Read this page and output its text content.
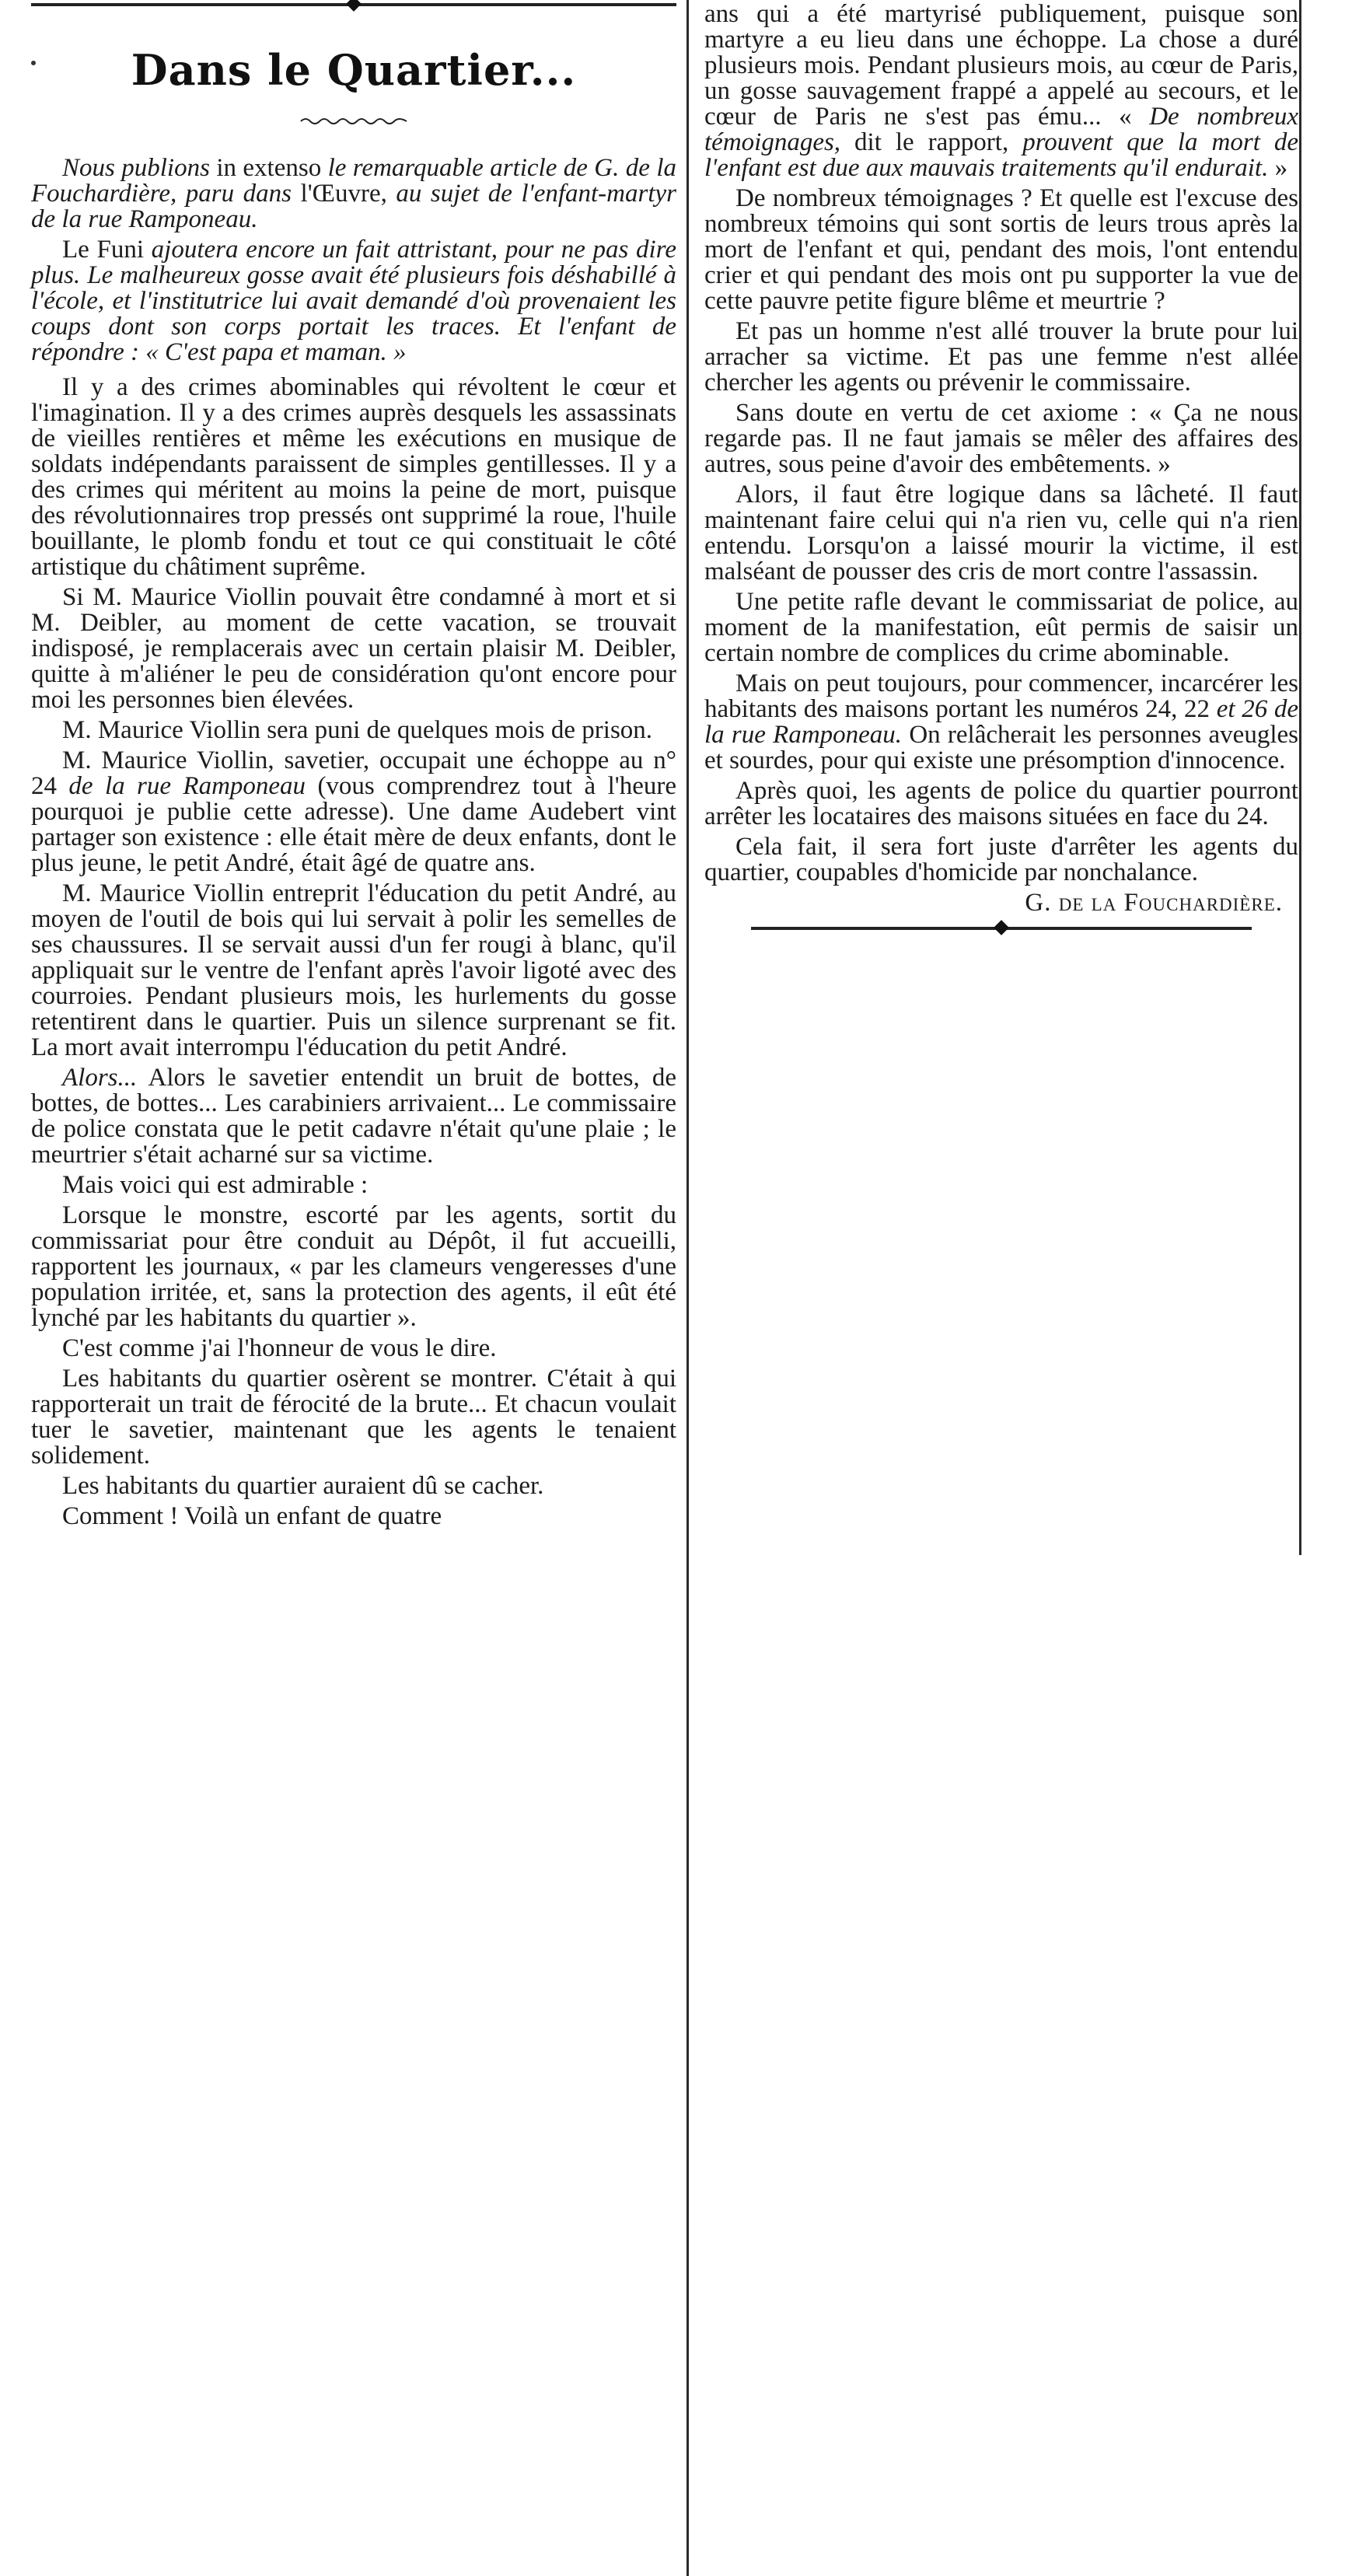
Dans le Quartier...

Nous publions in extenso le remarquable article de G. de la Fouchardière, paru dans l'Œuvre, au sujet de l'enfant-martyr de la rue Ramponeau.

Le Funi ajoutera encore un fait attristant, pour ne pas dire plus. Le malheureux gosse avait été plusieurs fois déshabillé à l'école, et l'institutrice lui avait demandé d'où provenaient les coups dont son corps portait les traces. Et l'enfant de répondre : « C'est papa et maman. »

Il y a des crimes abominables qui révoltent le cœur et l'imagination. Il y a des crimes auprès desquels les assassinats de vieilles rentières et même les exécutions en musique de soldats indépendants paraissent de simples gentillesses. Il y a des crimes qui méritent au moins la peine de mort, puisque des révolutionnaires trop pressés ont supprimé la roue, l'huile bouillante, le plomb fondu et tout ce qui constituait le côté artistique du châtiment suprême.

Si M. Maurice Viollin pouvait être condamné à mort et si M. Deibler, au moment de cette vacation, se trouvait indisposé, je remplacerais avec un certain plaisir M. Deibler, quitte à m'aliéner le peu de considération qu'ont encore pour moi les personnes bien élevées.

M. Maurice Viollin sera puni de quelques mois de prison.

M. Maurice Viollin, savetier, occupait une échoppe au n° 24 de la rue Ramponeau (vous comprendrez tout à l'heure pourquoi je publie cette adresse). Une dame Audebert vint partager son existence : elle était mère de deux enfants, dont le plus jeune, le petit André, était âgé de quatre ans.

M. Maurice Viollin entreprit l'éducation du petit André, au moyen de l'outil de bois qui lui servait à polir les semelles de ses chaussures. Il se servait aussi d'un fer rougi à blanc, qu'il appliquait sur le ventre de l'enfant après l'avoir ligoté avec des courroies. Pendant plusieurs mois, les hurlements du gosse retentirent dans le quartier. Puis un silence surprenant se fit. La mort avait interrompu l'éducation du petit André.

Alors... Alors le savetier entendit un bruit de bottes, de bottes, de bottes... Les carabiniers arrivaient... Le commissaire de police constata que le petit cadavre n'était qu'une plaie ; le meurtrier s'était acharné sur sa victime.

Mais voici qui est admirable :

Lorsque le monstre, escorté par les agents, sortit du commissariat pour être conduit au Dépôt, il fut accueilli, rapportent les journaux, « par les clameurs vengeresses d'une population irritée, et, sans la protection des agents, il eût été lynché par les habitants du quartier ».

C'est comme j'ai l'honneur de vous le dire.

Les habitants du quartier osèrent se montrer. C'était à qui rapporterait un trait de férocité de la brute... Et chacun voulait tuer le savetier, maintenant que les agents le tenaient solidement.

Les habitants du quartier auraient dû se cacher.

Comment ! Voilà un enfant de quatre

ans qui a été martyrisé publiquement, puisque son martyre a eu lieu dans une échoppe. La chose a duré plusieurs mois. Pendant plusieurs mois, au cœur de Paris, un gosse sauvagement frappé a appelé au secours, et le cœur de Paris ne s'est pas ému... « De nombreux témoignages, dit le rapport, prouvent que la mort de l'enfant est due aux mauvais traitements qu'il endurait. »

De nombreux témoignages ? Et quelle est l'excuse des nombreux témoins qui sont sortis de leurs trous après la mort de l'enfant et qui, pendant des mois, l'ont entendu crier et qui pendant des mois ont pu supporter la vue de cette pauvre petite figure blême et meurtrie ?

Et pas un homme n'est allé trouver la brute pour lui arracher sa victime. Et pas une femme n'est allée chercher les agents ou prévenir le commissaire.

Sans doute en vertu de cet axiome : « Ça ne nous regarde pas. Il ne faut jamais se mêler des affaires des autres, sous peine d'avoir des embêtements. »

Alors, il faut être logique dans sa lâcheté. Il faut maintenant faire celui qui n'a rien vu, celle qui n'a rien entendu. Lorsqu'on a laissé mourir la victime, il est malséant de pousser des cris de mort contre l'assassin.

Une petite rafle devant le commissariat de police, au moment de la manifestation, eût permis de saisir un certain nombre de complices du crime abominable.

Mais on peut toujours, pour commencer, incarcérer les habitants des maisons portant les numéros 24, 22 et 26 de la rue Ramponeau. On relâcherait les personnes aveugles et sourdes, pour qui existe une présomption d'innocence.

Après quoi, les agents de police du quartier pourront arrêter les locataires des maisons situées en face du 24.

Cela fait, il sera fort juste d'arrêter les agents du quartier, coupables d'homicide par nonchalance.

G. de la Fouchardière.
